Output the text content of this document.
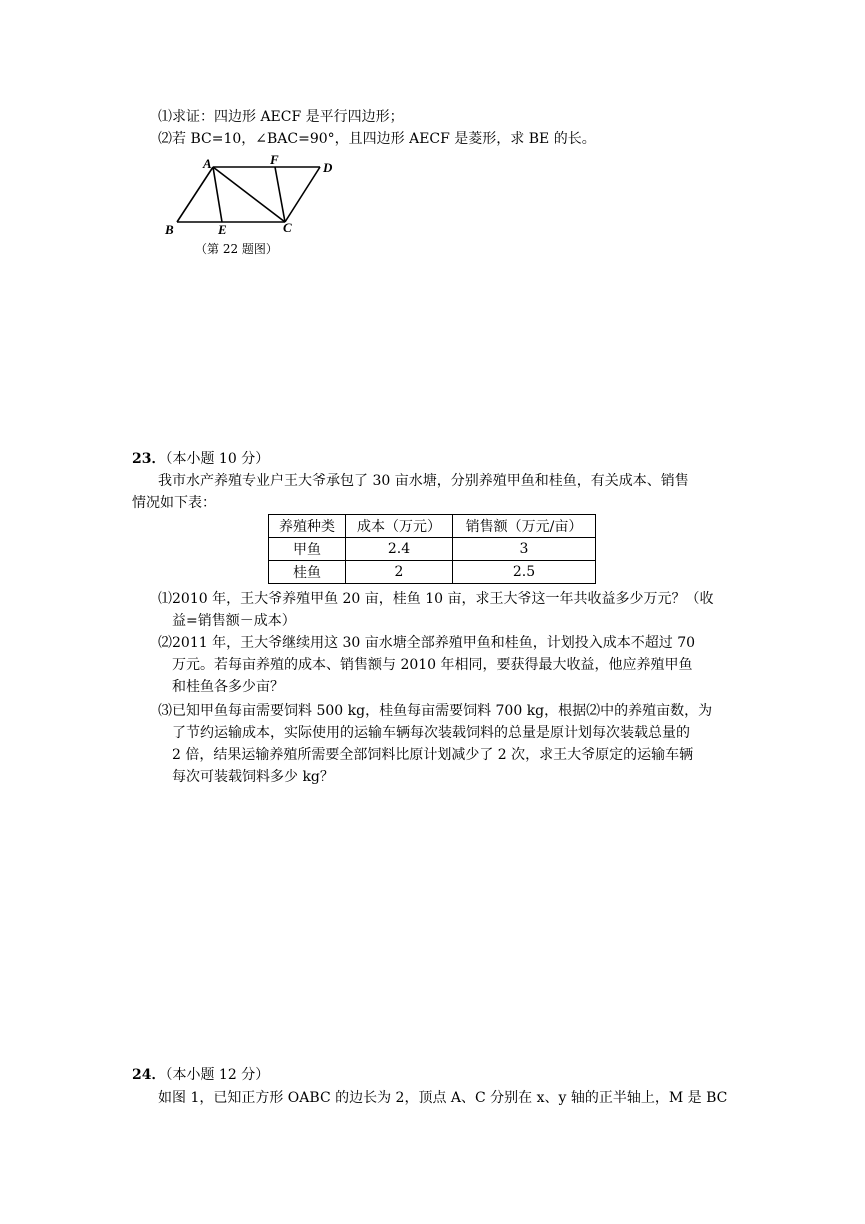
⑴求证：四边形 AECF 是平行四边形；
⑵若 BC=10，∠BAC=90°，且四边形 AECF 是菱形，求 BE 的长。
A	F
D
B	E	C
（第 22 题图）
23．（本小题 10 分）
我市水产养殖专业户王大爷承包了 30 亩水塘，分别养殖甲鱼和桂鱼，有关成本、销售
情况如下表：
养殖种类	成本（万元）	销售额（万元/亩）
甲鱼	2.4	3
桂鱼	2	2.5
⑴2010 年，王大爷养殖甲鱼 20 亩，桂鱼 10 亩，求王大爷这一年共收益多少万元？（收
益=销售额－成本）
⑵2011 年，王大爷继续用这 30 亩水塘全部养殖甲鱼和桂鱼，计划投入成本不超过 70
万元。若每亩养殖的成本、销售额与 2010 年相同，要获得最大收益，他应养殖甲鱼
和桂鱼各多少亩？
⑶已知甲鱼每亩需要饲料 500 kg，桂鱼每亩需要饲料 700 kg，根据⑵中的养殖亩数，为
了节约运输成本，实际使用的运输车辆每次装载饲料的总量是原计划每次装载总量的
2 倍，结果运输养殖所需要全部饲料比原计划减少了 2 次，求王大爷原定的运输车辆
每次可装载饲料多少 kg？
24．（本小题 12 分）
如图 1，已知正方形 OABC 的边长为 2，顶点 A、C 分别在 x、y 轴的正半轴上，M 是 BC
